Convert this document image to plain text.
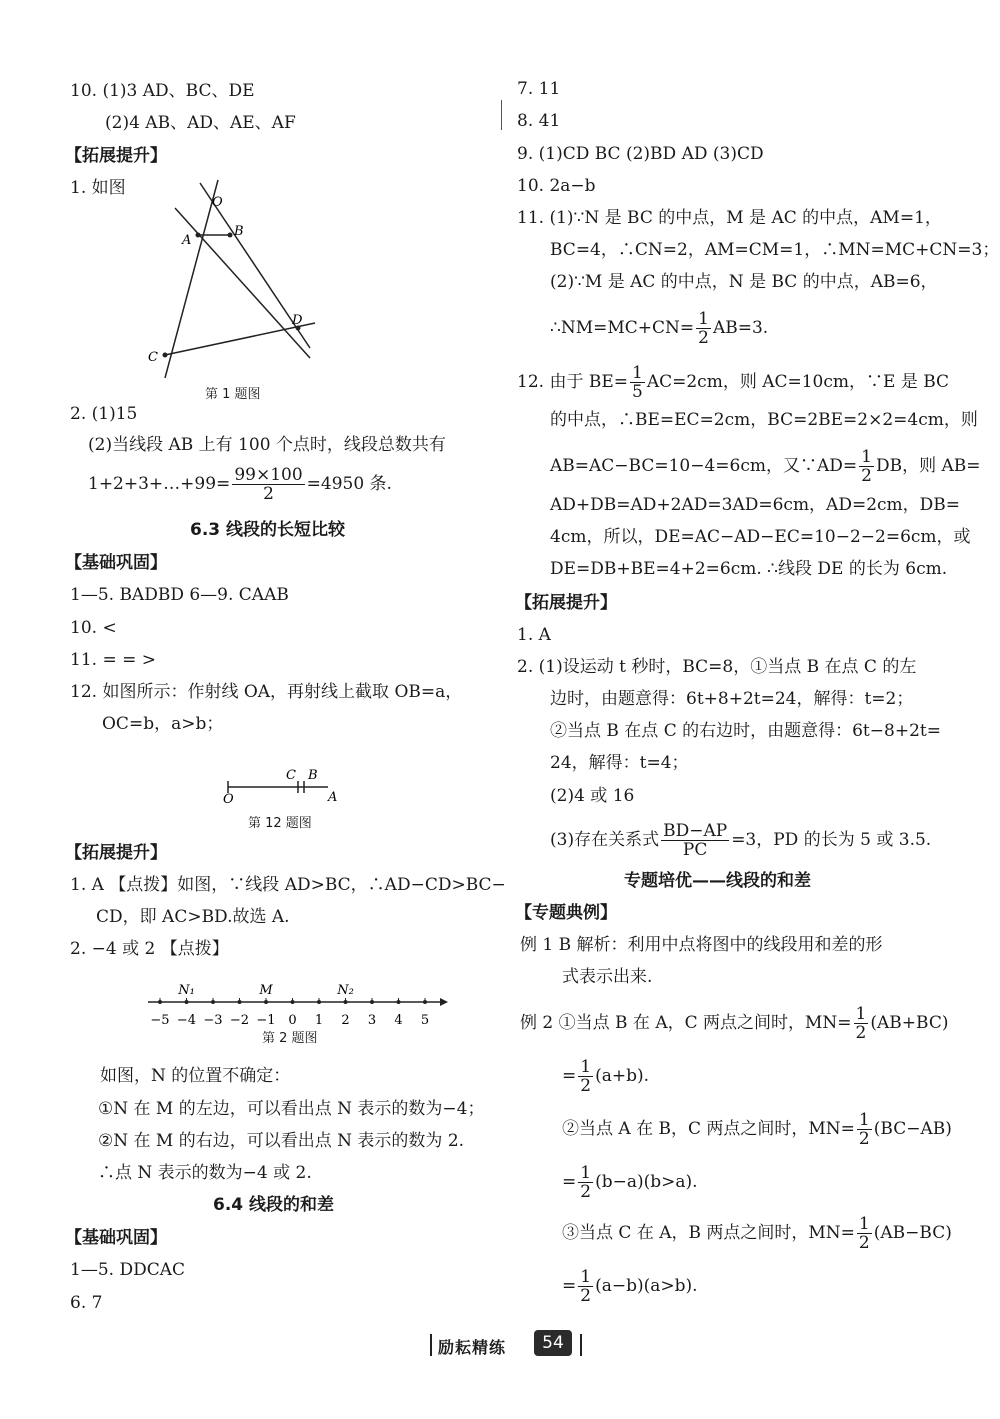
10. (1)3 AD、BC、DE
(2)4 AB、AD、AE、AF
【拓展提升】
1. 如图
O
B
A
D
C
第 1 题图
2. (1)15
(2)当线段 AB 上有 100 个点时，线段总数共有
1+2+3+…+99= $\frac{99\times 100}{2} =4950$ 条.
6.3 线段的长短比较
【基础巩固】
1—5. BADBD 6—9. CAAB
10. <
11. = = >
12. 如图所示：作射线 OA，再射线上截取 OB=a，
OC=b，a>b；
C B
O	A
第 12 题图
【拓展提升】
1. A 【点拨】如图，∵线段 AD>BC，∴AD−CD>BC−
CD，即 AC>BD.故选 A.
2. −4 或 2 【点拨】
−5 −4 −3 −2 −1 0 1 2 3 4 5
N₁	M	N₂
第 2 题图
如图，N 的位置不确定：
①N 在 M 的左边，可以看出点 N 表示的数为−4；
②N 在 M 的右边，可以看出点 N 表示的数为 2.
∴点 N 表示的数为−4 或 2.
6.4 线段的和差
【基础巩固】
1—5. DDCAC
6. 7
7. 11
8. 41
9. (1)CD BC (2)BD AD (3)CD
10. 2a−b
11. (1)∵N 是 BC 的中点，M 是 AC 的中点，AM=1，
BC=4，∴CN=2，AM=CM=1，∴MN=MC+CN=3；
(2)∵M 是 AC 的中点，N 是 BC 的中点，AB=6，
∴NM=MC+CN= $\frac{1}{2} AB=3$.
12. 由于 $BE= \frac{1}{5} AC=2cm$，则 AC=10cm，∵E 是 BC
的中点，∴BE=EC=2cm，BC=2BE=2×2=4cm，则
AB=AC−BC=10−4=6cm，又∵AD= $\frac{1}{2}$ DB，则 AB=
AD+DB=AD+2AD=3AD=6cm，AD=2cm，DB=
4cm，所以，DE=AC−AD−EC=10−2−2=6cm，或
DE=DB+BE=4+2=6cm. ∴线段 DE 的长为 6cm.
【拓展提升】
1. A
2. (1)设运动 t 秒时，BC=8，①当点 B 在点 C 的左
边时，由题意得：6t+8+2t=24，解得：t=2；
②当点 B 在点 C 的右边时，由题意得：6t−8+2t=
24，解得：t=4；
(2)4 或 16
(3)存在关系式 $\frac{BD-AP}{PC} =3$，PD 的长为 5 或 3.5.
专题培优——线段的和差
【专题典例】
例 1 B 解析：利用中点将图中的线段用和差的形
式表示出来.
例 2 ①当点 B 在 A，C 两点之间时，$MN= \frac{1}{2} (AB+BC)$
= $\frac{1}{2} (a+b)$.
②当点 A 在 B，C 两点之间时，$MN= \frac{1}{2} (BC-AB)$
= $\frac{1}{2} (b-a)(b>a)$.
③当点 C 在 A，B 两点之间时，$MN= \frac{1}{2} (AB-BC)$
= $\frac{1}{2} (a-b)(a>b)$.
励耘精练	54
